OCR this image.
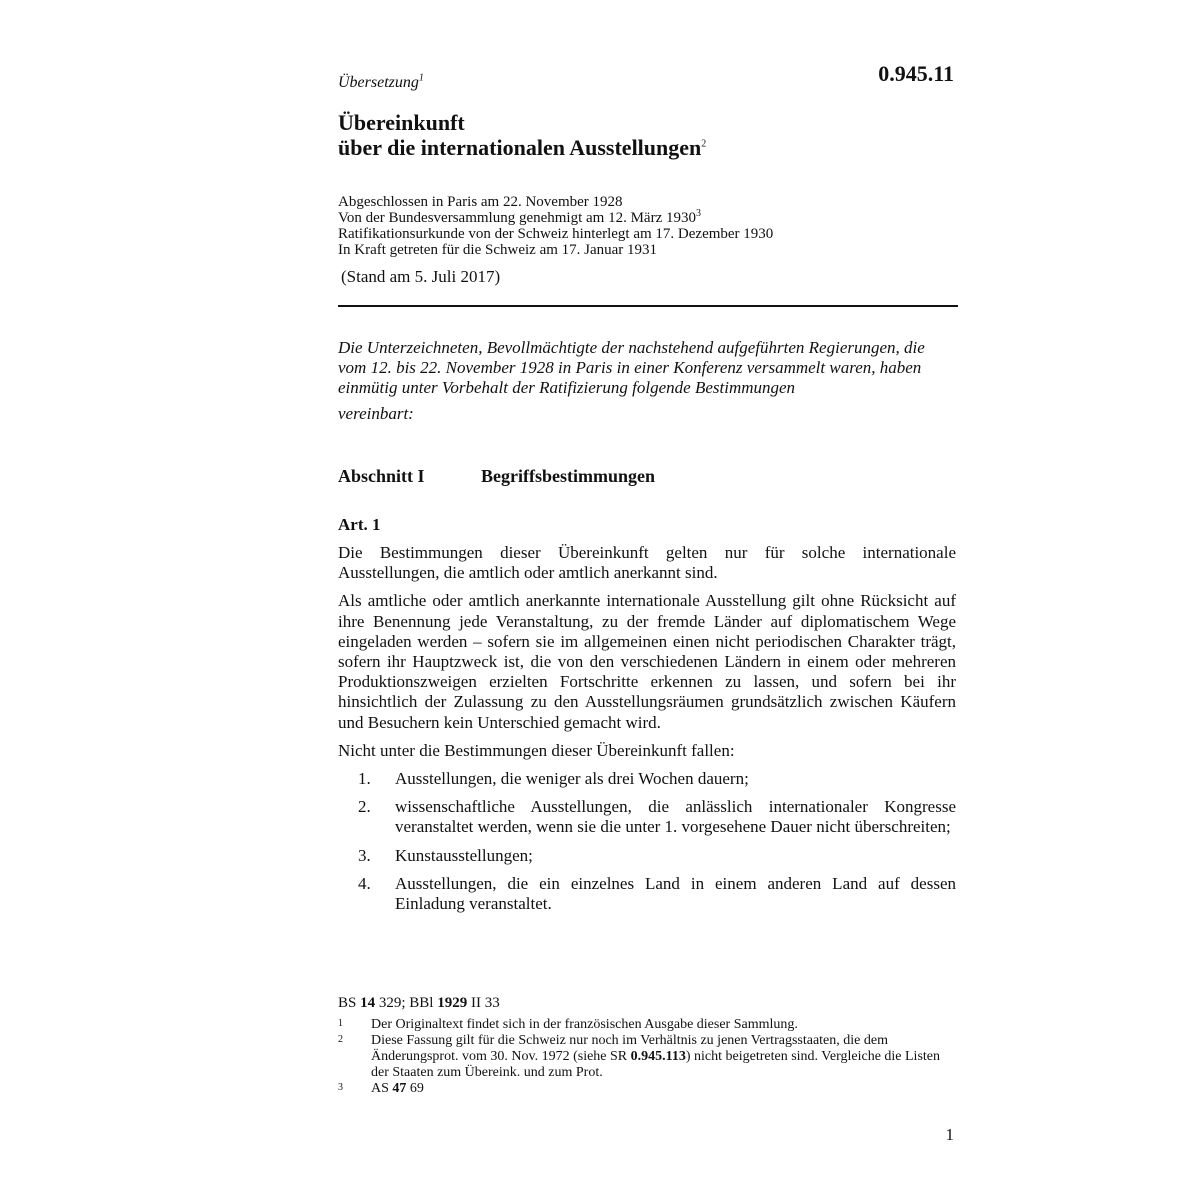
Übersetzung$^1$	0.945.11
Übereinkunft
über die internationalen Ausstellungen$^2$
Abgeschlossen in Paris am 22. November 1928
Von der Bundesversammlung genehmigt am 12. März 1930$^3$
Ratifikationsurkunde von der Schweiz hinterlegt am 17. Dezember 1930
In Kraft getreten für die Schweiz am 17. Januar 1931
(Stand am 5. Juli 2017)
Die Unterzeichneten, Bevollmächtigte der nachstehend aufgeführten Regierungen, die vom 12. bis 22. November 1928 in Paris in einer Konferenz versammelt waren, haben einmütig unter Vorbehalt der Ratifizierung folgende Bestimmungen
vereinbart:
Abschnitt I	Begriffsbestimmungen
Art. 1

Die Bestimmungen dieser Übereinkunft gelten nur für solche internationale Ausstellungen, die amtlich oder amtlich anerkannt sind.

Als amtliche oder amtlich anerkannte internationale Ausstellung gilt ohne Rücksicht auf ihre Benennung jede Veranstaltung, zu der fremde Länder auf diplomatischem Wege eingeladen werden – sofern sie im allgemeinen einen nicht periodischen Charakter trägt, sofern ihr Hauptzweck ist, die von den verschiedenen Ländern in einem oder mehreren Produktionszweigen erzielten Fortschritte erkennen zu lassen, und sofern bei ihr hinsichtlich der Zulassung zu den Ausstellungsräumen grundsätzlich zwischen Käufern und Besuchern kein Unterschied gemacht wird.

Nicht unter die Bestimmungen dieser Übereinkunft fallen:

1.	Ausstellungen, die weniger als drei Wochen dauern;
2.	wissenschaftliche Ausstellungen, die anlässlich internationaler Kongresse veranstaltet werden, wenn sie die unter 1. vorgesehene Dauer nicht überschreiten;
3.	Kunstausstellungen;
4.	Ausstellungen, die ein einzelnes Land in einem anderen Land auf dessen Einladung veranstaltet.
BS 14 329; BBl 1929 II 33
1	Der Originaltext findet sich in der französischen Ausgabe dieser Sammlung.
2	Diese Fassung gilt für die Schweiz nur noch im Verhältnis zu jenen Vertragsstaaten, die dem Änderungsprot. vom 30. Nov. 1972 (siehe SR 0.945.113) nicht beigetreten sind. Vergleiche die Listen der Staaten zum Übereink. und zum Prot.
3	AS 47 69
1
